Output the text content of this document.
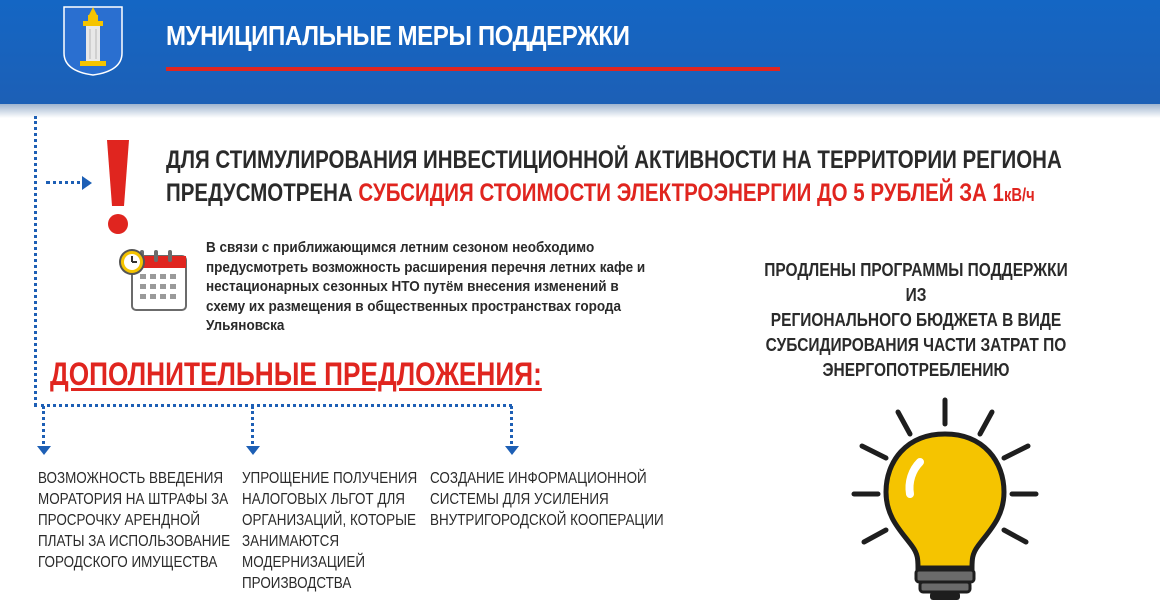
МУНИЦИПАЛЬНЫЕ МЕРЫ ПОДДЕРЖКИ
ДЛЯ СТИМУЛИРОВАНИЯ ИНВЕСТИЦИОННОЙ АКТИВНОСТИ НА ТЕРРИТОРИИ РЕГИОНА
ПРЕДУСМОТРЕНА СУБСИДИЯ СТОИМОСТИ ЭЛЕКТРОЭНЕРГИИ ДО 5 РУБЛЕЙ ЗА 1кВ/ч
В связи с приближающимся летним сезоном необходимо
предусмотреть возможность расширения перечня летних кафе и
нестационарных сезонных НТО путём внесения изменений в
схему их размещения в общественных пространствах города
Ульяновска
ДОПОЛНИТЕЛЬНЫЕ ПРЕДЛОЖЕНИЯ:
ВОЗМОЖНОСТЬ ВВЕДЕНИЯ
МОРАТОРИЯ НА ШТРАФЫ ЗА
ПРОСРОЧКУ АРЕНДНОЙ
ПЛАТЫ ЗА ИСПОЛЬЗОВАНИЕ
ГОРОДСКОГО ИМУЩЕСТВА
УПРОЩЕНИЕ ПОЛУЧЕНИЯ
НАЛОГОВЫХ ЛЬГОТ ДЛЯ
ОРГАНИЗАЦИЙ, КОТОРЫЕ
ЗАНИМАЮТСЯ
МОДЕРНИЗАЦИЕЙ
ПРОИЗВОДСТВА
СОЗДАНИЕ ИНФОРМАЦИОННОЙ
СИСТЕМЫ ДЛЯ УСИЛЕНИЯ
ВНУТРИГОРОДСКОЙ КООПЕРАЦИИ
ПРОДЛЕНЫ ПРОГРАММЫ ПОДДЕРЖКИ ИЗ
РЕГИОНАЛЬНОГО БЮДЖЕТА В ВИДЕ
СУБСИДИРОВАНИЯ ЧАСТИ ЗАТРАТ ПО
ЭНЕРГОПОТРЕБЛЕНИЮ
